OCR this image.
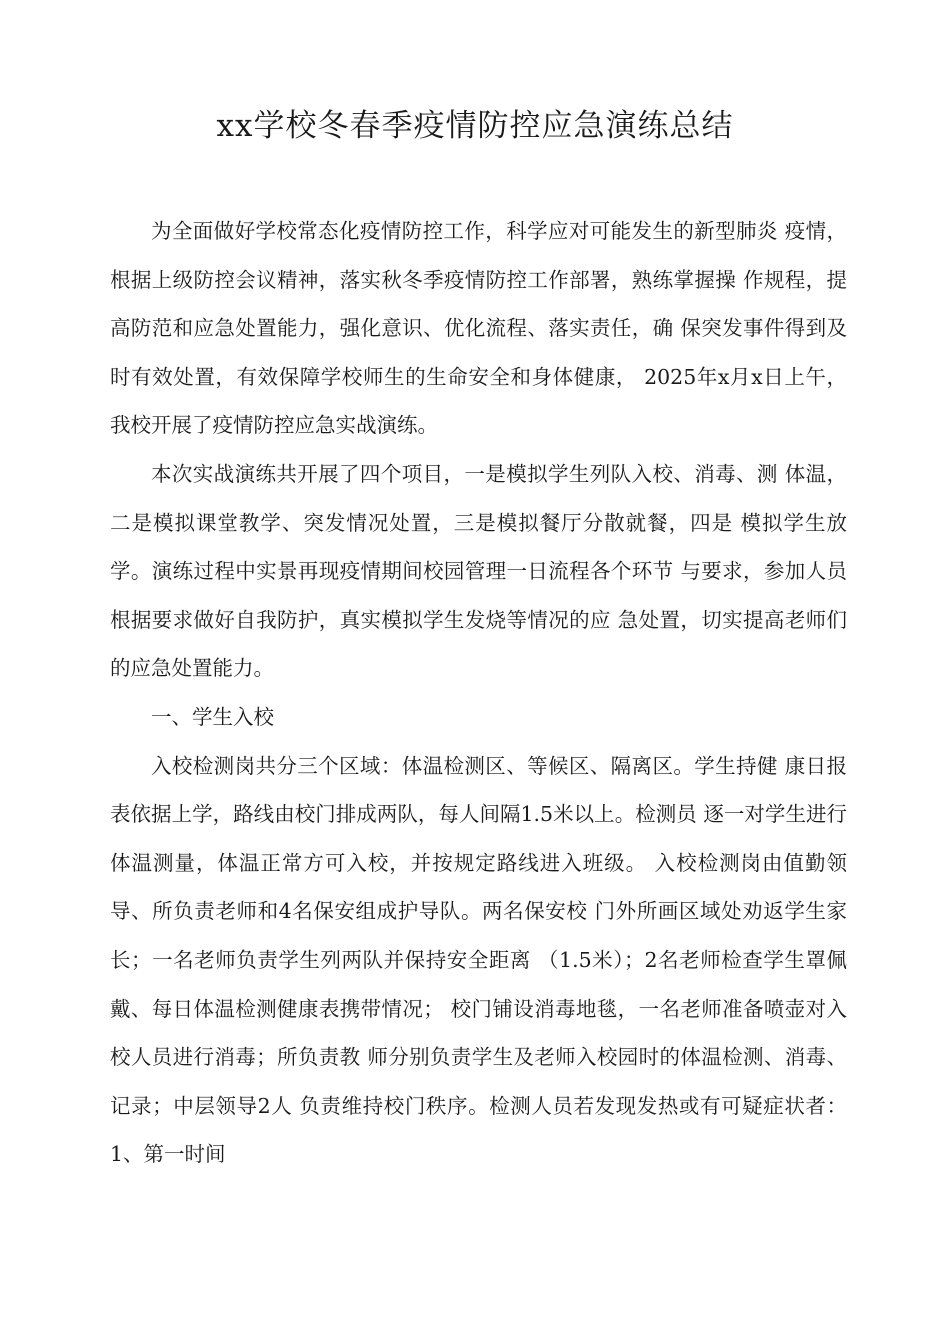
xx学校冬春季疫情防控应急演练总结

为全面做好学校常态化疫情防控工作，科学应对可能发生的新型肺炎 疫情，根据上级防控会议精神，落实秋冬季疫情防控工作部署，熟练掌握操 作规程，提高防范和应急处置能力，强化意识、优化流程、落实责任，确 保突发事件得到及时有效处置，有效保障学校师生的生命安全和身体健康， 2025年x月x日上午，我校开展了疫情防控应急实战演练。

本次实战演练共开展了四个项目，一是模拟学生列队入校、消毒、测 体温，二是模拟课堂教学、突发情况处置，三是模拟餐厅分散就餐，四是 模拟学生放学。演练过程中实景再现疫情期间校园管理一日流程各个环节 与要求，参加人员根据要求做好自我防护，真实模拟学生发烧等情况的应 急处置，切实提高老师们的应急处置能力。

一、学生入校

入校检测岗共分三个区域：体温检测区、等候区、隔离区。学生持健 康日报表依据上学，路线由校门排成两队，每人间隔1.5米以上。检测员 逐一对学生进行体温测量，体温正常方可入校，并按规定路线进入班级。 入校检测岗由值勤领导、所负责老师和4名保安组成护导队。两名保安校 门外所画区域处劝返学生家长；一名老师负责学生列两队并保持安全距离 （1.5米）；2名老师检查学生罩佩戴、每日体温检测健康表携带情况； 校门铺设消毒地毯，一名老师准备喷壶对入校人员进行消毒；所负责教 师分别负责学生及老师入校园时的体温检测、消毒、记录；中层领导2人 负责维持校门秩序。检测人员若发现发热或有可疑症状者：1、第一时间
